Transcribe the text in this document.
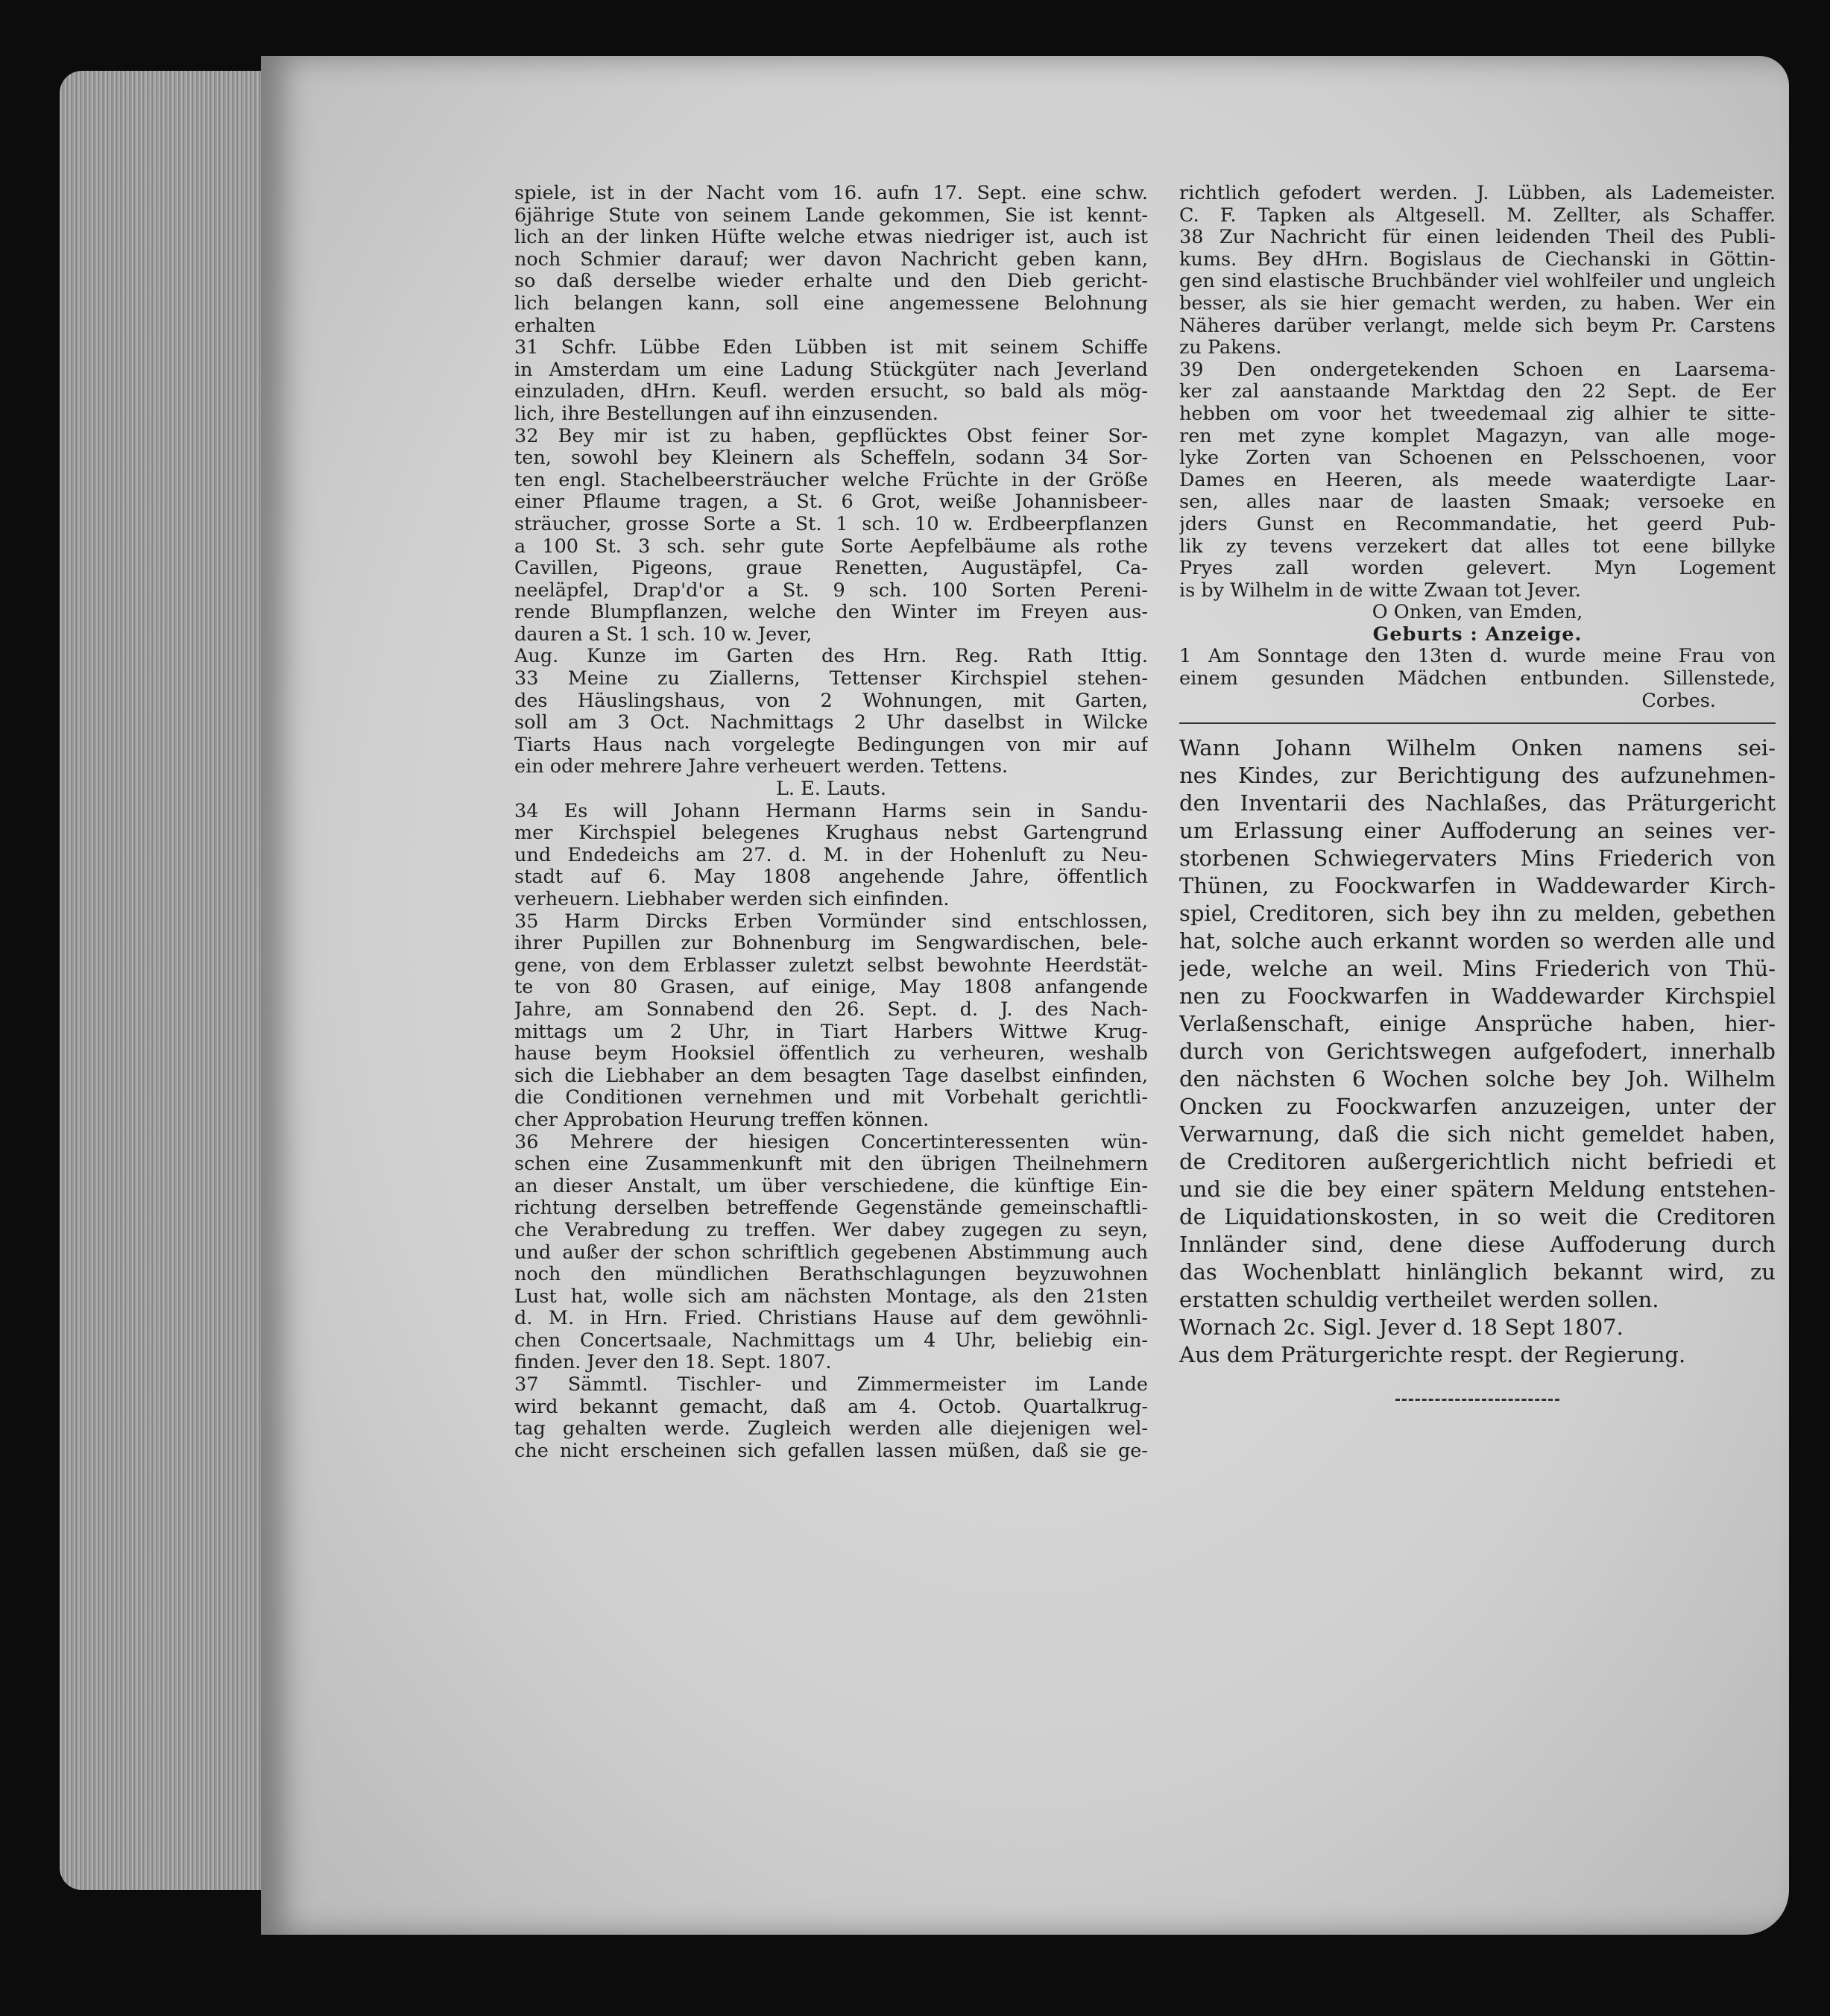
spiele, ist in der Nacht vom 16. aufn 17. Sept. eine schw.
6jährige Stute von seinem Lande gekommen, Sie ist kennt-
lich an der linken Hüfte welche etwas niedriger ist, auch ist
noch Schmier darauf; wer davon Nachricht geben kann,
so daß derselbe wieder erhalte und den Dieb gericht-
lich belangen kann, soll eine angemessene Belohnung
erhalten
31 Schfr. Lübbe Eden Lübben ist mit seinem Schiffe
in Amsterdam um eine Ladung Stückgüter nach Jeverland
einzuladen, dHrn. Keufl. werden ersucht, so bald als mög-
lich, ihre Bestellungen auf ihn einzusenden.
32 Bey mir ist zu haben, gepflücktes Obst feiner Sor-
ten, sowohl bey Kleinern als Scheffeln, sodann 34 Sor-
ten engl. Stachelbeersträucher welche Früchte in der Größe
einer Pflaume tragen, a St. 6 Grot, weiße Johannisbeer-
sträucher, grosse Sorte a St. 1 sch. 10 w. Erdbeerpflanzen
a 100 St. 3 sch. sehr gute Sorte Aepfelbäume als rothe
Cavillen, Pigeons, graue Renetten, Augustäpfel, Ca-
neeläpfel, Drap'd'or a St. 9 sch. 100 Sorten Pereni-
rende Blumpflanzen, welche den Winter im Freyen aus-
dauren a St. 1 sch. 10 w. Jever,
Aug. Kunze im Garten des Hrn. Reg. Rath Ittig.
33 Meine zu Ziallerns, Tettenser Kirchspiel stehen-
des Häuslingshaus, von 2 Wohnungen, mit Garten,
soll am 3 Oct. Nachmittags 2 Uhr daselbst in Wilcke
Tiarts Haus nach vorgelegte Bedingungen von mir auf
ein oder mehrere Jahre verheuert werden. Tettens.
L. E. Lauts.
34 Es will Johann Hermann Harms sein in Sandu-
mer Kirchspiel belegenes Krughaus nebst Gartengrund
und Endedeichs am 27. d. M. in der Hohenluft zu Neu-
stadt auf 6. May 1808 angehende Jahre, öffentlich
verheuern. Liebhaber werden sich einfinden.
35 Harm Dircks Erben Vormünder sind entschlossen,
ihrer Pupillen zur Bohnenburg im Sengwardischen, bele-
gene, von dem Erblasser zuletzt selbst bewohnte Heerdstät-
te von 80 Grasen, auf einige, May 1808 anfangende
Jahre, am Sonnabend den 26. Sept. d. J. des Nach-
mittags um 2 Uhr, in Tiart Harbers Wittwe Krug-
hause beym Hooksiel öffentlich zu verheuren, weshalb
sich die Liebhaber an dem besagten Tage daselbst einfinden,
die Conditionen vernehmen und mit Vorbehalt gerichtli-
cher Approbation Heurung treffen können.
36 Mehrere der hiesigen Concertinteressenten wün-
schen eine Zusammenkunft mit den übrigen Theilnehmern
an dieser Anstalt, um über verschiedene, die künftige Ein-
richtung derselben betreffende Gegenstände gemeinschaftli-
che Verabredung zu treffen. Wer dabey zugegen zu seyn,
und außer der schon schriftlich gegebenen Abstimmung auch
noch den mündlichen Berathschlagungen beyzuwohnen
Lust hat, wolle sich am nächsten Montage, als den 21sten
d. M. in Hrn. Fried. Christians Hause auf dem gewöhnli-
chen Concertsaale, Nachmittags um 4 Uhr, beliebig ein-
finden. Jever den 18. Sept. 1807.
37 Sämmtl. Tischler- und Zimmermeister im Lande
wird bekannt gemacht, daß am 4. Octob. Quartalkrug-
tag gehalten werde. Zugleich werden alle diejenigen wel-
che nicht erscheinen sich gefallen lassen müßen, daß sie ge-
richtlich gefodert werden. J. Lübben, als Lademeister.
C. F. Tapken als Altgesell. M. Zellter, als Schaffer.
38 Zur Nachricht für einen leidenden Theil des Publi-
kums. Bey dHrn. Bogislaus de Ciechanski in Göttin-
gen sind elastische Bruchbänder viel wohlfeiler und ungleich
besser, als sie hier gemacht werden, zu haben. Wer ein
Näheres darüber verlangt, melde sich beym Pr. Carstens
zu Pakens.
39 Den ondergetekenden Schoen en Laarsema-
ker zal aanstaande Marktdag den 22 Sept. de Eer
hebben om voor het tweedemaal zig alhier te sitte-
ren met zyne komplet Magazyn, van alle moge-
lyke Zorten van Schoenen en Pelsschoenen, voor
Dames en Heeren, als meede waaterdigte Laar-
sen, alles naar de laasten Smaak; versoeke en
jders Gunst en Recommandatie, het geerd Pub-
lik zy tevens verzekert dat alles tot eene billyke
Pryes zall worden gelevert. Myn Logement
is by Wilhelm in de witte Zwaan tot Jever.
O Onken, van Emden,
Geburts : Anzeige.
1 Am Sonntage den 13ten d. wurde meine Frau von
einem gesunden Mädchen entbunden. Sillenstede,
Corbes.
Wann Johann Wilhelm Onken namens sei-
nes Kindes, zur Berichtigung des aufzunehmen-
den Inventarii des Nachlaßes, das Präturgericht
um Erlassung einer Auffoderung an seines ver-
storbenen Schwiegervaters Mins Friederich von
Thünen, zu Foockwarfen in Waddewarder Kirch-
spiel, Creditoren, sich bey ihn zu melden, gebethen
hat, solche auch erkannt worden so werden alle und
jede, welche an weil. Mins Friederich von Thü-
nen zu Foockwarfen in Waddewarder Kirchspiel
Verlaßenschaft, einige Ansprüche haben, hier-
durch von Gerichtswegen aufgefodert, innerhalb
den nächsten 6 Wochen solche bey Joh. Wilhelm
Oncken zu Foockwarfen anzuzeigen, unter der
Verwarnung, daß die sich nicht gemeldet haben,
de Creditoren außergerichtlich nicht befriedi et
und sie die bey einer spätern Meldung entstehen-
de Liquidationskosten, in so weit die Creditoren
Innländer sind, dene diese Auffoderung durch
das Wochenblatt hinlänglich bekannt wird, zu
erstatten schuldig vertheilet werden sollen.
Wornach 2c. Sigl. Jever d. 18 Sept 1807.
Aus dem Präturgerichte respt. der Regierung.
